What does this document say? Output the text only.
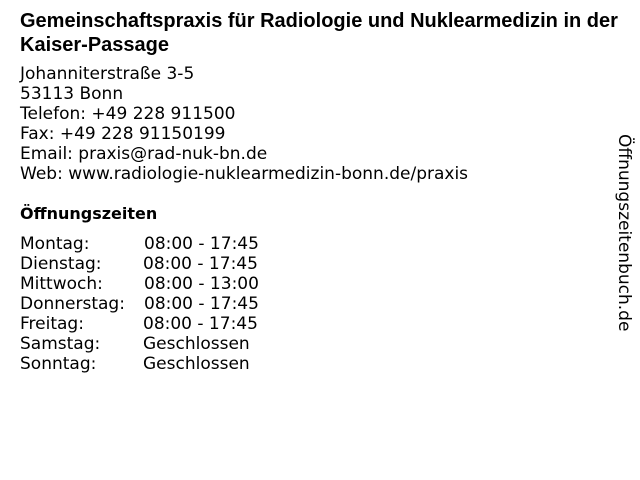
Gemeinschaftspraxis für Radiologie und Nuklearmedizin in der Kaiser-Passage
Johanniterstraße 3-5
53113 Bonn
Telefon: +49 228 911500
Fax: +49 228 91150199
Email: praxis@rad-nuk-bn.de
Web: www.radiologie-nuklearmedizin-bonn.de/praxis
Öffnungszeiten
Montag:	08:00 - 17:45
Dienstag: 08:00 - 17:45
Mittwoch: 08:00 - 13:00
Donnerstag: 08:00 - 17:45
Freitag:	08:00 - 17:45
Samstag:	Geschlossen
Sonntag:	Geschlossen
Öffnungszeitenbuch.de
